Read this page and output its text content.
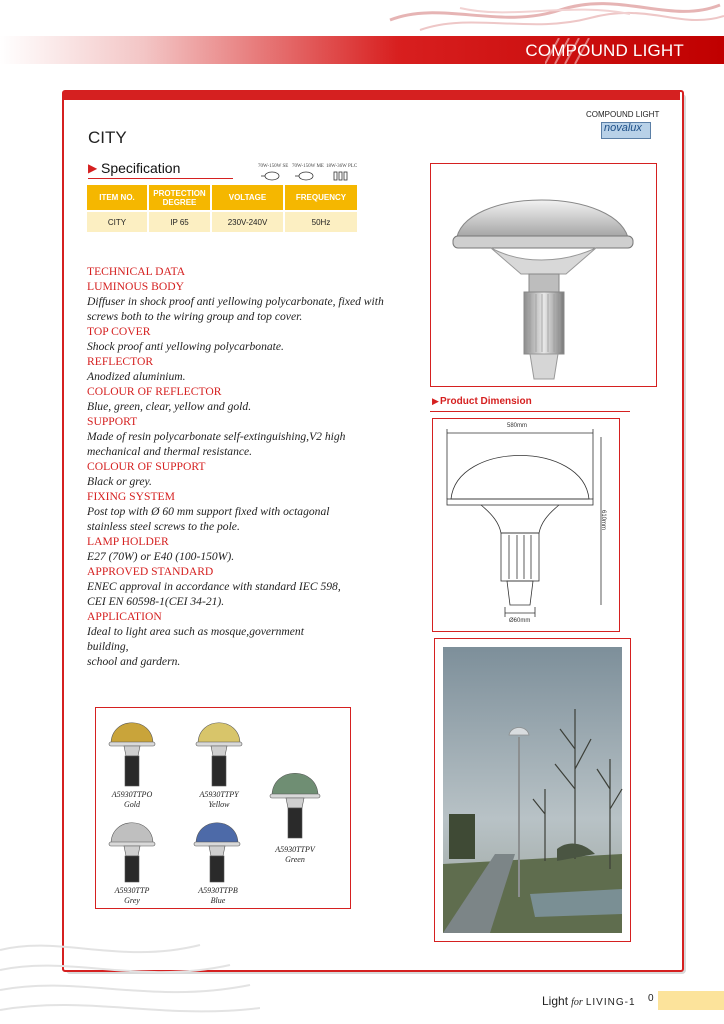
COMPOUND LIGHT
COMPOUND LIGHT
novalux
CITY
▶ Specification	70W-150W SE 70W-150W ME 18W-36W PLC
ITEM NO.	PROTECTION DEGREE	VOLTAGE	FREQUENCY
CITY	IP 65	230V-240V	50Hz
TECHNICAL DATA
LUMINOUS BODY
Diffuser in shock proof anti yellowing polycarbonate, fixed with
screws both to the wiring group and top cover.
TOP COVER
Shock proof anti yellowing polycarbonate.
REFLECTOR
Anodized aluminium.
COLOUR OF REFLECTOR
Blue, green, clear, yellow and gold.
SUPPORT
Made of resin polycarbonate self-extinguishing,V2 high
mechanical and thermal resistance.
COLOUR OF SUPPORT
Black or grey.
FIXING SYSTEM
Post top with Ø 60 mm support fixed with octagonal
stainless steel screws to the pole.
LAMP HOLDER
E27 (70W) or E40 (100-150W).
APPROVED STANDARD
ENEC approval in accordance with standard IEC 598,
CEI EN 60598-1(CEI 34-21).
APPLICATION
Ideal to light area such as mosque,government
building,
school and gardern.
▶ Product Dimension
580mm
610mm
Ø60mm
A5930TTPO
Gold
A5930TTPY
Yellow
A5930TTPV
Green
A5930TTP
Grey
A5930TTPB
Blue
Light for LIVING-1 0
